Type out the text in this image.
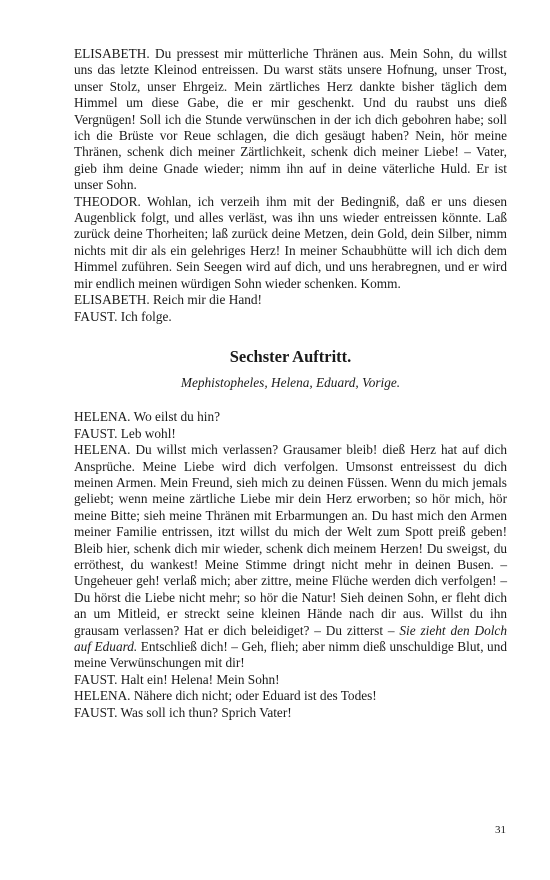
ELISABETH. Du pressest mir mütterliche Thränen aus. Mein Sohn, du willst uns das letzte Kleinod entreissen. Du warst stäts unsere Hofnung, unser Trost, unser Stolz, unser Ehrgeiz. Mein zärtliches Herz dankte bisher täglich dem Himmel um diese Gabe, die er mir geschenkt. Und du raubst uns dieß Vergnügen! Soll ich die Stunde verwünschen in der ich dich gebohren habe; soll ich die Brüste vor Reue schlagen, die dich gesäugt haben? Nein, hör meine Thränen, schenk dich meiner Zärtlichkeit, schenk dich meiner Liebe! – Vater, gieb ihm deine Gnade wieder; nimm ihn auf in deine väterliche Huld. Er ist unser Sohn.

THEODOR. Wohlan, ich verzeih ihm mit der Bedingniß, daß er uns diesen Augenblick folgt, und alles verläst, was ihn uns wieder entreissen könnte. Laß zurück deine Thorheiten; laß zurück deine Metzen, dein Gold, dein Silber, nimm nichts mit dir als ein gelehriges Herz! In meiner Schaubhütte will ich dich dem Himmel zuführen. Sein Seegen wird auf dich, und uns herabregnen, und er wird mir endlich meinen würdigen Sohn wieder schenken. Komm.

ELISABETH. Reich mir die Hand!

FAUST. Ich folge.

Sechster Auftritt.

Mephistopheles, Helena, Eduard, Vorige.

HELENA. Wo eilst du hin?

FAUST. Leb wohl!

HELENA. Du willst mich verlassen? Grausamer bleib! dieß Herz hat auf dich Ansprüche. Meine Liebe wird dich verfolgen. Umsonst entreissest du dich meinen Armen. Mein Freund, sieh mich zu deinen Füssen. Wenn du mich jemals geliebt; wenn meine zärtliche Liebe mir dein Herz erworben; so hör mich, hör meine Bitte; sieh meine Thränen mit Erbarmungen an. Du hast mich den Armen meiner Familie entrissen, itzt willst du mich der Welt zum Spott preiß geben! Bleib hier, schenk dich mir wieder, schenk dich meinem Herzen! Du sweigst, du erröthest, du wankest! Meine Stimme dringt nicht mehr in deinen Busen. – Ungeheuer geh! verlaß mich; aber zittre, meine Flüche werden dich verfolgen! – Du hörst die Liebe nicht mehr; so hör die Natur! Sieh deinen Sohn, er fleht dich an um Mitleid, er streckt seine kleinen Hände nach dir aus. Willst du ihn grausam verlassen? Hat er dich beleidiget? – Du zitterst – Sie zieht den Dolch auf Eduard. Entschließ dich! – Geh, flieh; aber nimm dieß unschuldige Blut, und meine Verwünschungen mit dir!

FAUST. Halt ein! Helena! Mein Sohn!

HELENA. Nähere dich nicht; oder Eduard ist des Todes!

FAUST. Was soll ich thun? Sprich Vater!

31
